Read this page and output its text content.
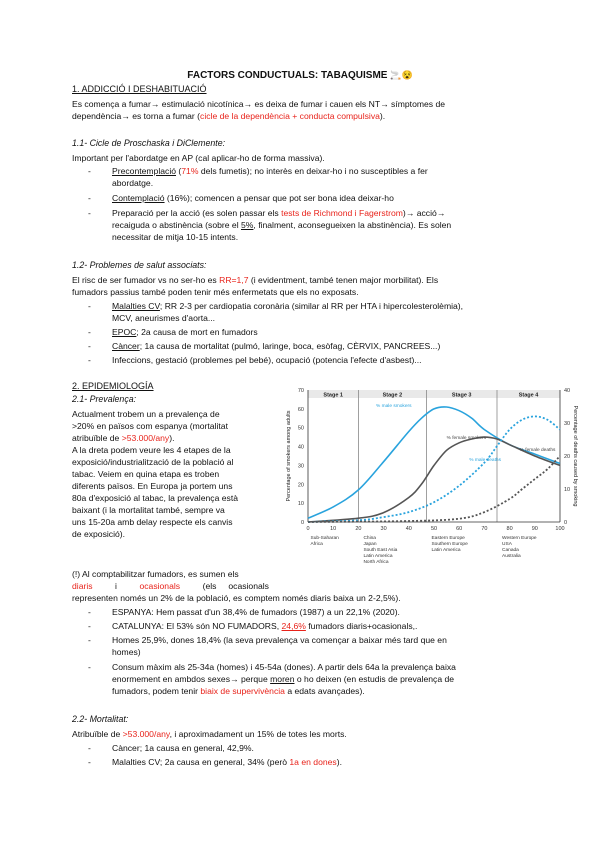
FACTORS CONDUCTUALS: TABAQUISME 🚬😵
1. ADDICCIÓ I DESHABITUACIÓ
Es comença a fumar→ estimulació nicotínica→ es deixa de fumar i cauen els NT→ símptomes de
dependència→ es torna a fumar (cicle de la dependència + conducta compulsiva).
1.1- Cicle de Proschaska i DiClemente:
Important per l'abordatge en AP (cal aplicar-ho de forma massiva).
- Precontemplació (71% dels fumetis); no interès en deixar-ho i no susceptibles a fer
abordatge.
- Contemplació (16%); comencen a pensar que pot ser bona idea deixar-ho
- Preparació per la acció (es solen passar els tests de Richmond i Fagerstrom)→ acció→
recaiguda o abstinència (sobre el 5%, finalment, aconsegueixen la abstinència). Es solen
necessitar de mitja 10-15 intents.
1.2- Problemes de salut associats:
El risc de ser fumador vs no ser-ho es RR=1,7 (i evidentment, també tenen major morbilitat). Els
fumadors passius també poden tenir més enfermetats que els no exposats.
- Malalties CV; RR 2-3 per cardiopatia coronària (similar al RR per HTA i hipercolesterolèmia),
MCV, aneurismes d'aorta...
- EPOC; 2a causa de mort en fumadors
- Càncer; 1a causa de mortalitat (pulmó, laringe, boca, esòfag, CÈRVIX, PANCREES...)
- Infeccions, gestació (problemes pel bebé), ocupació (potencia l'efecte d'asbest)...
2. EPIDEMIOLOGÍA
2.1- Prevalença:
Actualment trobem un a prevalença de
>20% en països com espanya (mortalitat
atribuïble de >53.000/any).
A la dreta podem veure les 4 etapes de la
exposició/industrialització de la població al
tabac. Veiem en quina etapa es troben
diferents països. En Europa ja portem uns
80a d'exposició al tabac, la prevalença està
baixant (i la mortalitat també, sempre va
uns 15-20a amb delay respecte els canvis
de exposició).
(!) Al comptabilitzar fumadors, es sumen els
diaris	i	ocasionals	(els     ocasionals
representen només un 2% de la població, es comptem només diaris baixa un 2-2,5%).
- ESPANYA: Hem passat d'un 38,4% de fumadors (1987) a un 22,1% (2020).
- CATALUNYA: El 53% són NO FUMADORS, 24,6% fumadors diaris+ocasionals,.
- Homes 25,9%, dones 18,4% (la seva prevalença va començar a baixar més tard que en
homes)
- Consum màxim als 25-34a (homes) i 45-54a (dones). A partir dels 64a la prevalença baixa
enormement en ambdos sexes→ perque moren o ho deixen (en estudis de prevalença de
fumadors, podem tenir biaix de supervivència a edats avançades).
2.2- Mortalitat:
Atribuïble de >53.000/any, i aproximadament un 15% de totes les morts.
- Càncer; 1a causa en general, 42,9%.
- Malalties CV; 2a causa en general, 34% (però 1a en dones).
Stage 1	Stage 2	Stage 3	Stage 4
0	10	20	30	40	50	60	70	80	90	100
0
10
20
30
40
50
60
70
0
10
20
30
40
Percentage of smokers among adults	Percentage of deaths caused by smoking
% male smokers
% female smokers
% male deaths
% female deaths
Sub-Saharan
Africa
China
Japan
South East Asia
Latin America
North Africa
Eastern Europe
Southern Europe
Latin America
Western Europe
USA
Canada
Australia
